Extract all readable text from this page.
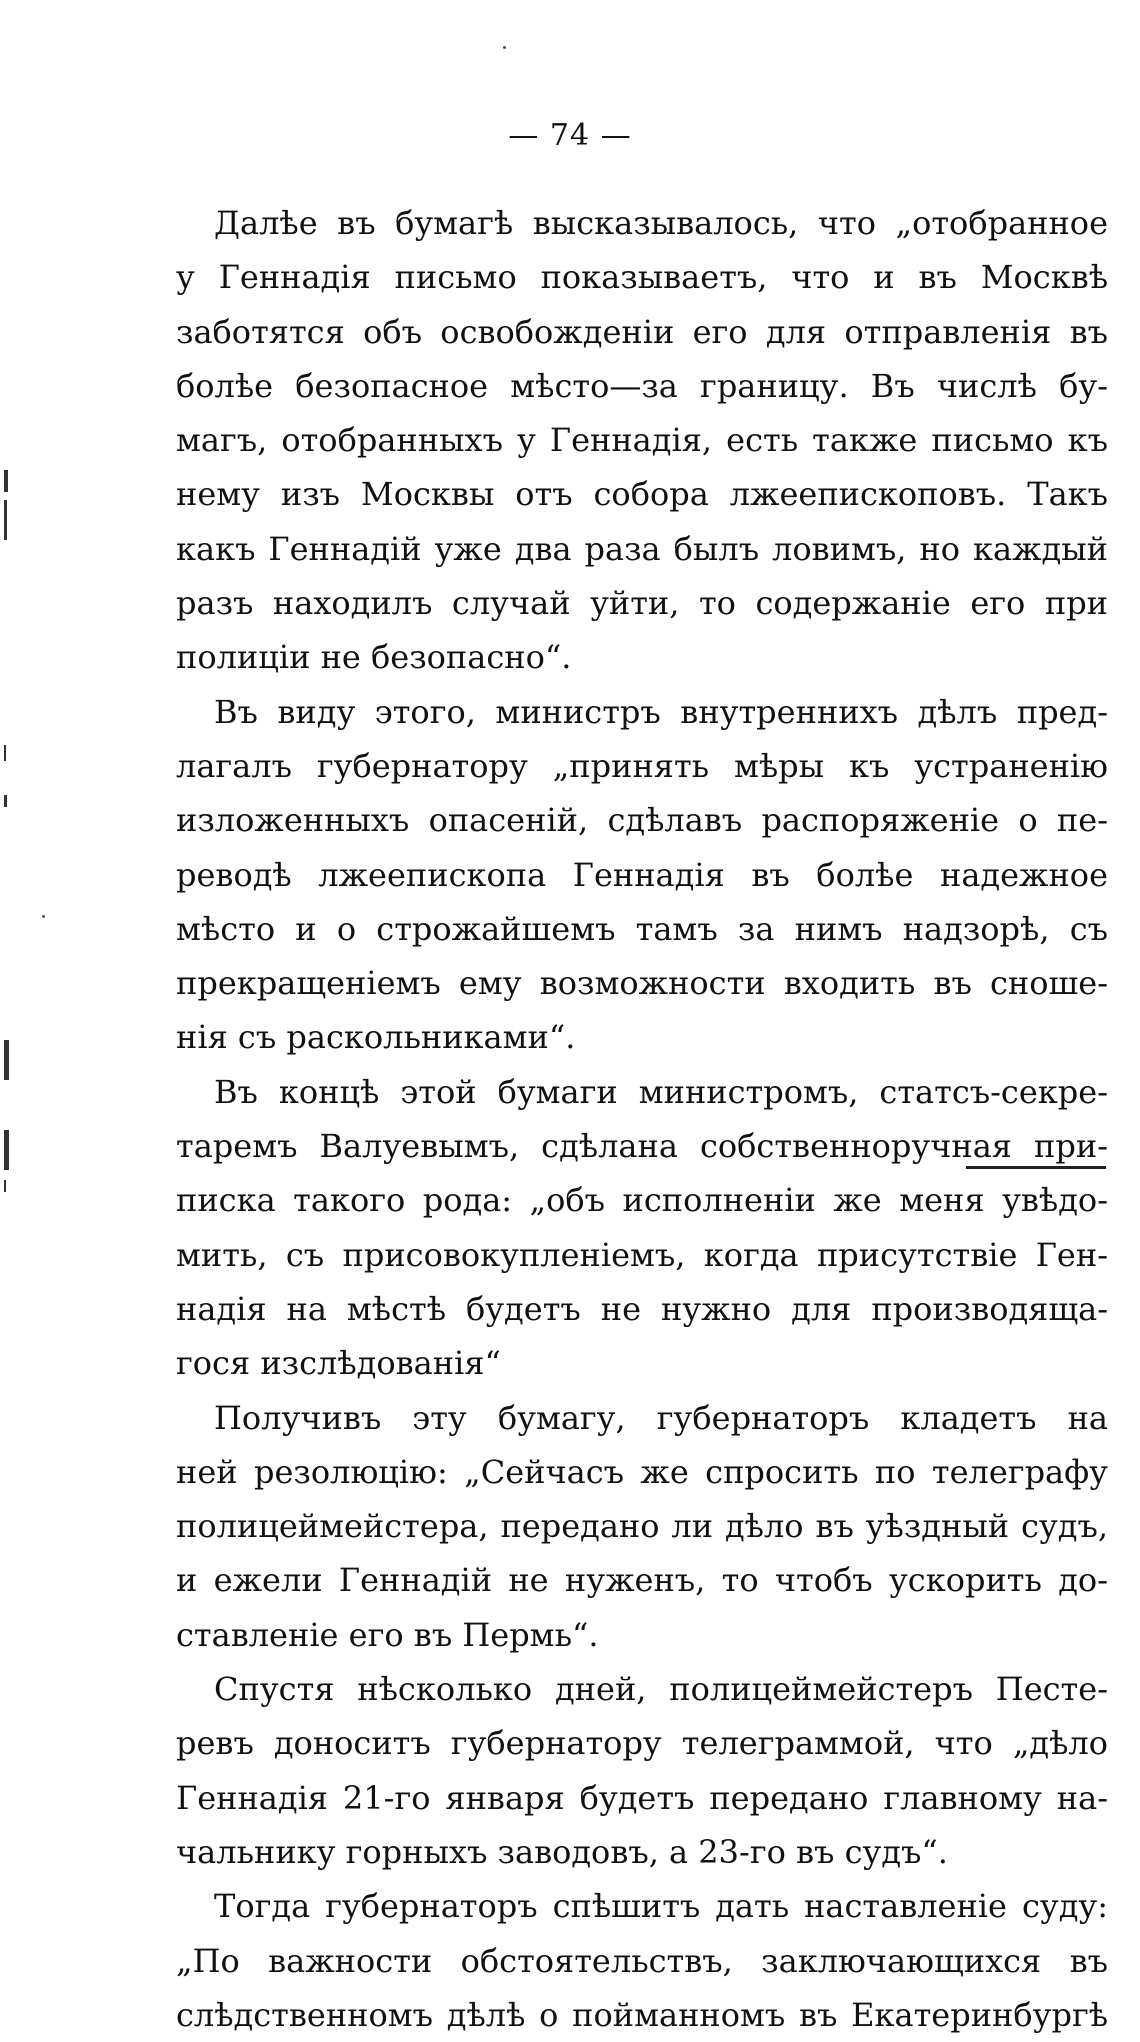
— 74 —
Далѣе въ бумагѣ высказывалось, что „отобранное
у Геннадія письмо показываетъ, что и въ Москвѣ
заботятся объ освобожденіи его для отправленія въ
болѣе безопасное мѣсто—за границу. Въ числѣ бу-
магъ, отобранныхъ у Геннадія, есть также письмо къ
нему изъ Москвы отъ собора лжеепископовъ. Такъ
какъ Геннадій уже два раза былъ ловимъ, но каждый
разъ находилъ случай уйти, то содержаніе его при
полиціи не безопасно“.
Въ виду этого, министръ внутреннихъ дѣлъ пред-
лагалъ губернатору „принять мѣры къ устраненію
изложенныхъ опасеній, сдѣлавъ распоряженіе о пе-
реводѣ лжеепископа Геннадія въ болѣе надежное
мѣсто и о строжайшемъ тамъ за нимъ надзорѣ, съ
прекращеніемъ ему возможности входить въ сноше-
нія съ раскольниками“.
Въ концѣ этой бумаги министромъ, статсъ-секре-
таремъ Валуевымъ, сдѣлана собственноручная при-
писка такого рода: „объ исполненіи же меня увѣдо-
мить, съ присовокупленіемъ, когда присутствіе Ген-
надія на мѣстѣ будетъ не нужно для производяща-
гося изслѣдованія“
Получивъ эту бумагу, губернаторъ кладетъ на
ней резолюцію: „Сейчасъ же спросить по телеграфу
полицеймейстера, передано ли дѣло въ уѣздный судъ,
и ежели Геннадій не нуженъ, то чтобъ ускорить до-
ставленіе его въ Пермь“.
Спустя нѣсколько дней, полицеймейстеръ Песте-
ревъ доноситъ губернатору телеграммой, что „дѣло
Геннадія 21-го января будетъ передано главному на-
чальнику горныхъ заводовъ, а 23-го въ судъ“.
Тогда губернаторъ спѣшитъ дать наставленіе суду:
„По важности обстоятельствъ, заключающихся въ
слѣдственномъ дѣлѣ о пойманномъ въ Екатеринбургѣ
